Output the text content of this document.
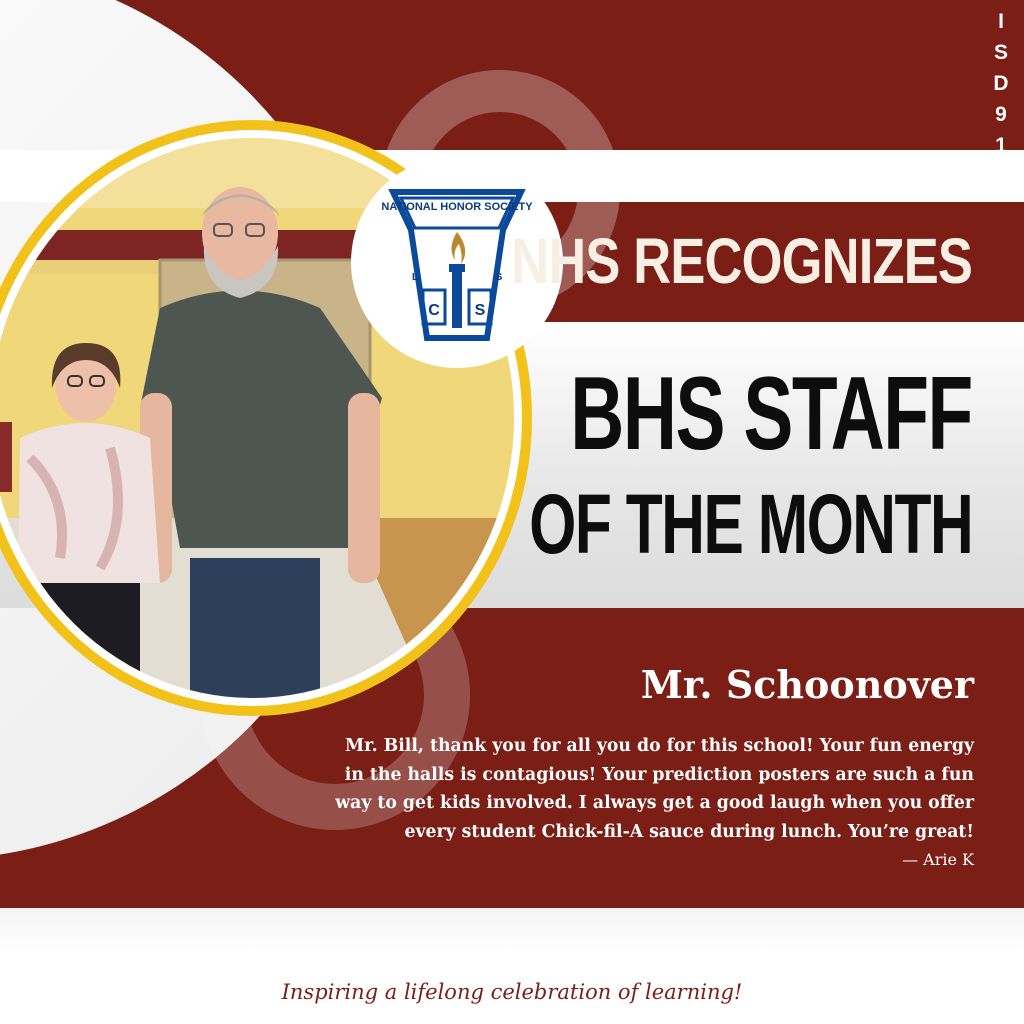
NATIONAL HONOR SOCIETY
C S
L	S
I
S
D
9
1
NHS RECOGNIZES
BHS STAFF
OF THE MONTH
Mr. Schoonover
Mr. Bill, thank you for all you do for this school! Your fun energy in the halls is contagious! Your prediction posters are such a fun way to get kids involved. I always get a good laugh when you offer every student Chick-fil-A sauce during lunch. You’re great!
— Arie K
Inspiring a lifelong celebration of learning!
